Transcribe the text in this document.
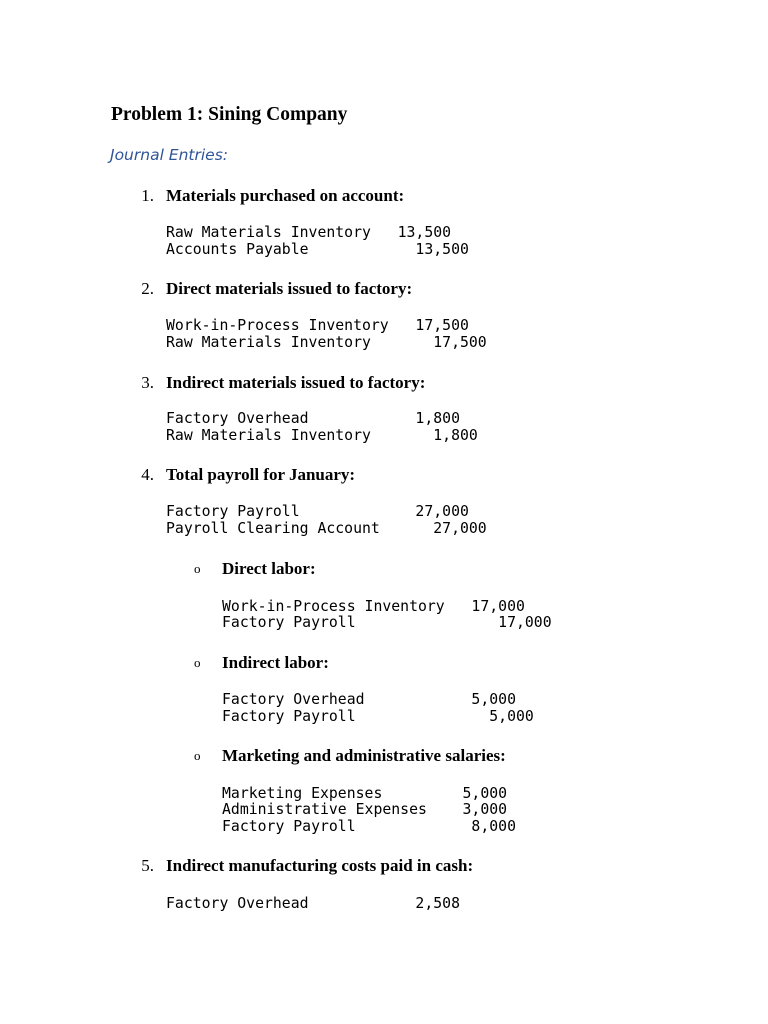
Problem 1: Sining Company
Journal Entries:
1. Materials purchased on account:
Raw Materials Inventory   13,500
Accounts Payable            13,500
2. Direct materials issued to factory:
Work-in-Process Inventory   17,500
Raw Materials Inventory       17,500
3. Indirect materials issued to factory:
Factory Overhead            1,800
Raw Materials Inventory       1,800
4. Total payroll for January:
Factory Payroll             27,000
Payroll Clearing Account      27,000
o Direct labor:
Work-in-Process Inventory   17,000
Factory Payroll                17,000
o Indirect labor:
Factory Overhead            5,000
Factory Payroll               5,000
o Marketing and administrative salaries:
Marketing Expenses         5,000
Administrative Expenses    3,000
Factory Payroll             8,000
5. Indirect manufacturing costs paid in cash:
Factory Overhead            2,508
